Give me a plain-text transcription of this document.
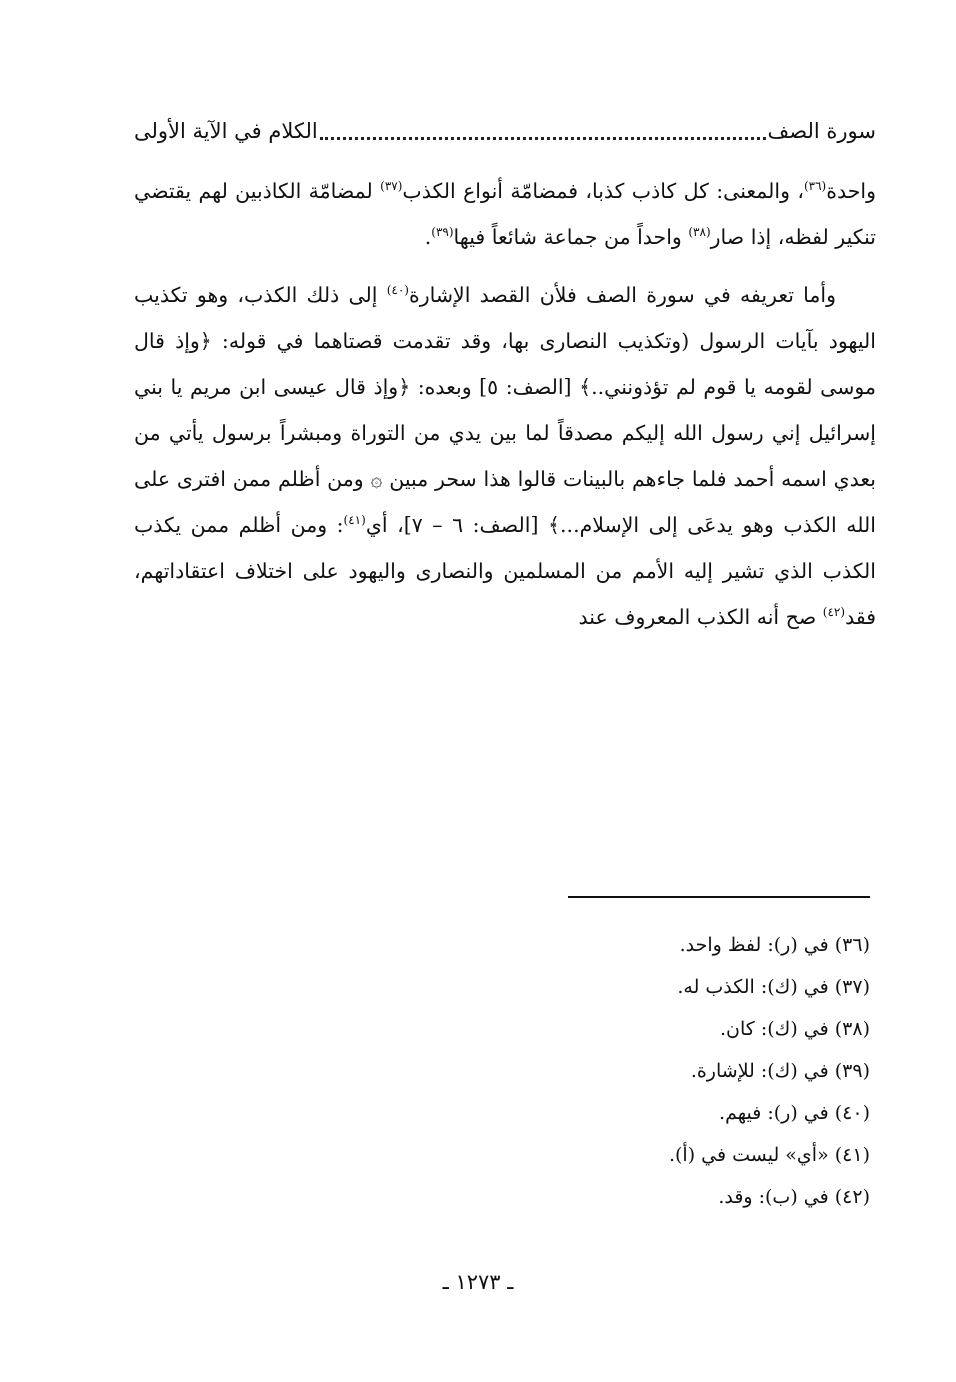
سورة الصف
الكلام في الآية الأولى

واحدة$^{(٣٦)}$، والمعنى: كل كاذب كذبا، فمضامّة أنواع الكذب$^{(٣٧)}$ لمضامّة الكاذبين لهم يقتضي تنكير لفظه، إذا صار$^{(٣٨)}$ واحداً من جماعة شائعاً فيها$^{(٣٩)}$.

وأما تعريفه في سورة الصف فلأن القصد الإشارة$^{(٤٠)}$ إلى ذلك الكذب، وهو تكذيب اليهود بآيات الرسول (وتكذيب النصارى بها، وقد تقدمت قصتاهما في قوله: ﴿وإذ قال موسى لقومه يا قوم لم تؤذونني..﴾ [الصف: ٥] وبعده: ﴿وإذ قال عيسى ابن مريم يا بني إسرائيل إني رسول الله إليكم مصدقاً لما بين يدي من التوراة ومبشراً برسول يأتي من بعدي اسمه أحمد فلما جاءهم بالبينات قالوا هذا سحر مبين ۞ ومن أظلم ممن افترى على الله الكذب وهو يدعَى إلى الإسلام...﴾ [الصف: ٦ – ٧]، أي$^{(٤١)}$: ومن أظلم ممن يكذب الكذب الذي تشير إليه الأمم من المسلمين والنصارى واليهود على اختلاف اعتقاداتهم، فقد$^{(٤٢)}$ صح أنه الكذب المعروف عند

(٣٦) في (ر): لفظ واحد.
(٣٧) في (ك): الكذب له.
(٣٨) في (ك): كان.
(٣٩) في (ك): للإشارة.
(٤٠) في (ر): فيهم.
(٤١) «أي» ليست في (أ).
(٤٢) في (ب): وقد.
ـ ١٢٧٣ ـ
